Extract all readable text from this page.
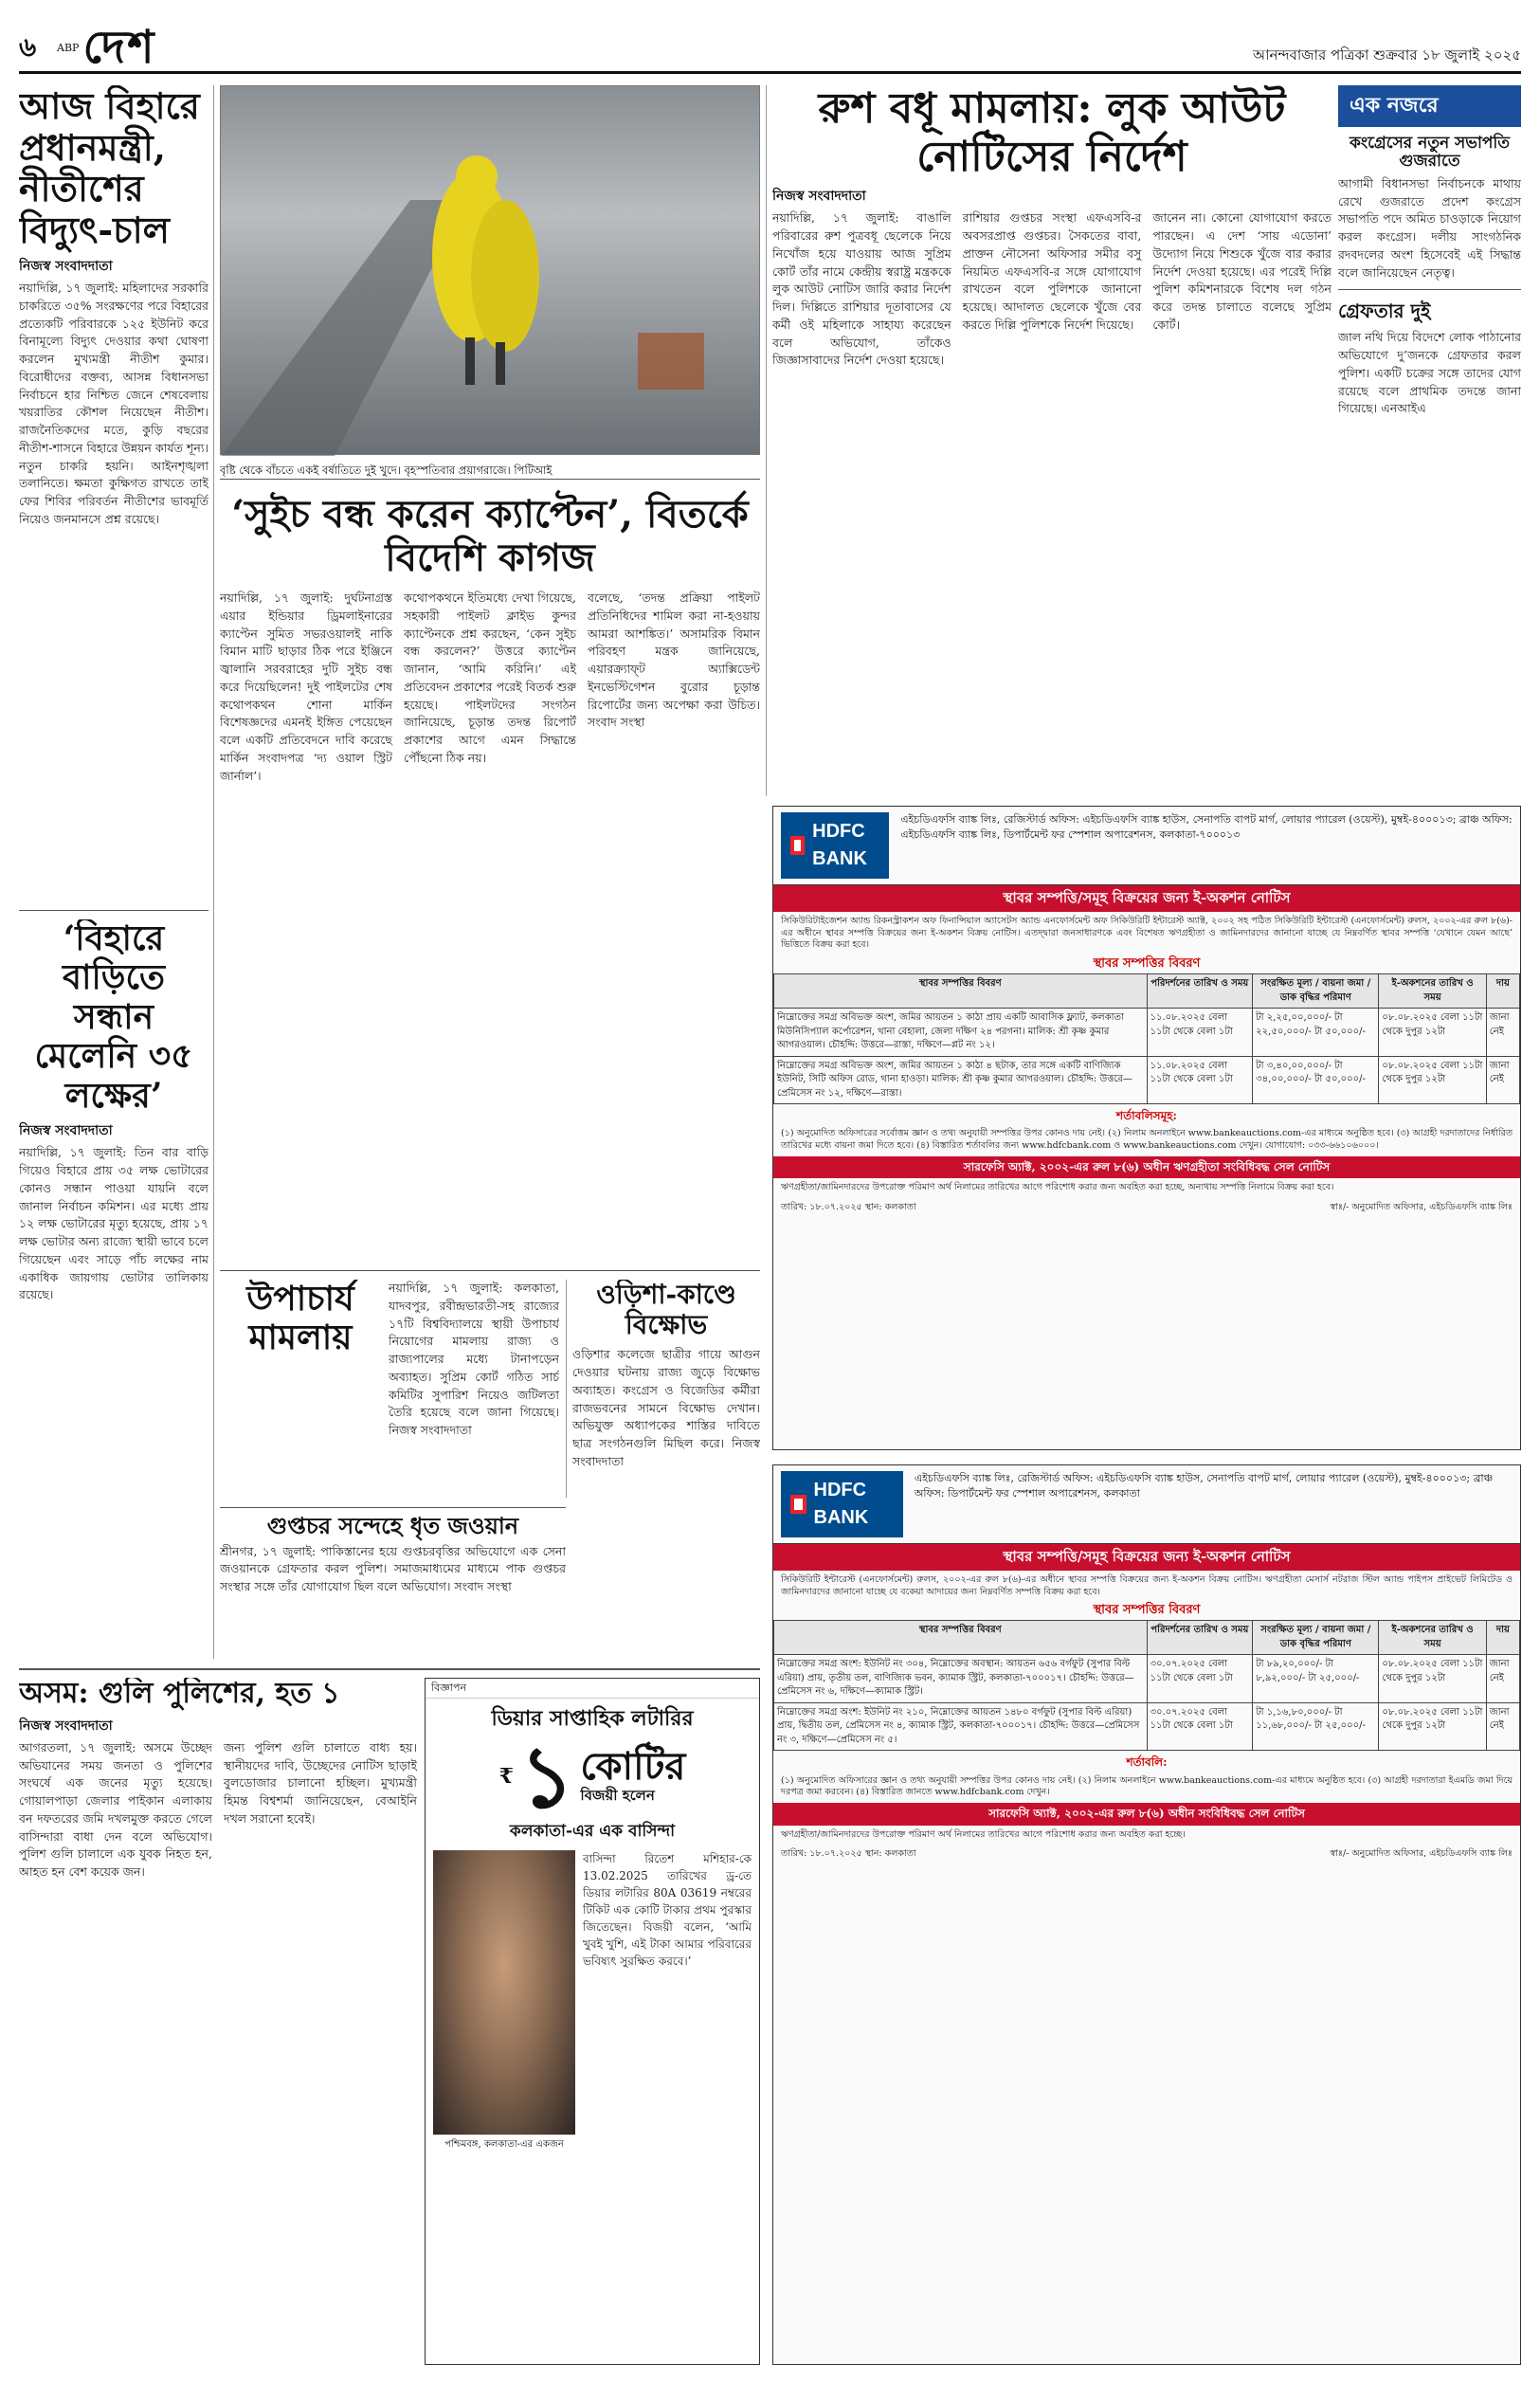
৬ ABP দেশ	আনন্দবাজার পত্রিকা শুক্রবার ১৮ জুলাই ২০২৫
আজ বিহারে প্রধানমন্ত্রী, নীতীশের বিদ্যুৎ-চাল
নিজস্ব সংবাদদাতা
নয়াদিল্লি, ১৭ জুলাই: মহিলাদের সরকারি চাকরিতে ৩৫% সংরক্ষণের পরে বিহারের প্রত্যেকটি পরিবারকে ১২৫ ইউনিট করে বিনামূল্যে বিদ্যুৎ দেওয়ার কথা ঘোষণা করলেন মুখ্যমন্ত্রী নীতীশ কুমার। বিরোধীদের বক্তব্য, আসন্ন বিধানসভা নির্বাচনে হার নিশ্চিত জেনে শেষবেলায় খয়রাতির কৌশল নিয়েছেন নীতীশ। রাজনৈতিকদের মতে, কুড়ি বছরের নীতীশ-শাসনে বিহারে উন্নয়ন কার্যত শূন্য। নতুন চাকরি হয়নি। আইনশৃঙ্খলা তলানিতে। ক্ষমতা কুক্ষিগত রাখতে তাই ফের শিবির পরিবর্তন নীতীশের ভাবমূর্তি নিয়েও জনমানসে প্রশ্ন রয়েছে।
‘বিহারে বাড়িতে সন্ধান মেলেনি ৩৫ লক্ষের’
নিজস্ব সংবাদদাতা
নয়াদিল্লি, ১৭ জুলাই: তিন বার বাড়ি গিয়েও বিহারে প্রায় ৩৫ লক্ষ ভোটারের কোনও সন্ধান পাওয়া যায়নি বলে জানাল নির্বাচন কমিশন। এর মধ্যে প্রায় ১২ লক্ষ ভোটারের মৃত্যু হয়েছে, প্রায় ১৭ লক্ষ ভোটার অন্য রাজ্যে স্থায়ী ভাবে চলে গিয়েছেন এবং সাড়ে পাঁচ লক্ষের নাম একাধিক জায়গায় ভোটার তালিকায় রয়েছে।
বৃষ্টি থেকে বাঁচতে একই বর্ষাতিতে দুই খুদে। বৃহস্পতিবার প্রয়াগরাজে। পিটিআই
‘সুইচ বন্ধ করেন ক্যাপ্টেন’, বিতর্কে বিদেশি কাগজ
নয়াদিল্লি, ১৭ জুলাই: দুর্ঘটনাগ্রস্ত এয়ার ইন্ডিয়ার ড্রিমলাইনারের ক্যাপ্টেন সুমিত সভরওয়ালই নাকি বিমান মাটি ছাড়ার ঠিক পরে ইঞ্জিনে জ্বালানি সরবরাহের দুটি সুইচ বন্ধ করে দিয়েছিলেন! দুই পাইলটের শেষ কথোপকথন শোনা মার্কিন বিশেষজ্ঞদের এমনই ইঙ্গিত পেয়েছেন বলে একটি প্রতিবেদনে দাবি করেছে মার্কিন সংবাদপত্র ‘দ্য ওয়াল স্ট্রিট জার্নাল’।
কথোপকথনে ইতিমধ্যে দেখা গিয়েছে, সহকারী পাইলট ক্লাইভ কুন্দর ক্যাপ্টেনকে প্রশ্ন করছেন, ‘কেন সুইচ বন্ধ করলেন?’ উত্তরে ক্যাপ্টেন জানান, ‘আমি করিনি।’ এই প্রতিবেদন প্রকাশের পরেই বিতর্ক শুরু হয়েছে। পাইলটদের সংগঠন জানিয়েছে, চূড়ান্ত তদন্ত রিপোর্ট প্রকাশের আগে এমন সিদ্ধান্তে পৌঁছনো ঠিক নয়।
বলেছে, ‘তদন্ত প্রক্রিয়া পাইলট প্রতিনিধিদের শামিল করা না-হওয়ায় আমরা আশঙ্কিত।’ অসামরিক বিমান পরিবহণ মন্ত্রক জানিয়েছে, এয়ারক্র্যাফ্‌ট অ্যাক্সিডেন্ট ইনভেস্টিগেশন বুরোর চূড়ান্ত রিপোর্টের জন্য অপেক্ষা করা উচিত। সংবাদ সংস্থা
উপাচার্য মামলায়
নয়াদিল্লি, ১৭ জুলাই: কলকাতা, যাদবপুর, রবীন্দ্রভারতী-সহ রাজ্যের ১৭টি বিশ্ববিদ্যালয়ে স্থায়ী উপাচার্য নিয়োগের মামলায় রাজ্য ও রাজ্যপালের মধ্যে টানাপড়েন অব্যাহত। সুপ্রিম কোর্ট গঠিত সার্চ কমিটির সুপারিশ নিয়েও জটিলতা তৈরি হয়েছে বলে জানা গিয়েছে। নিজস্ব সংবাদদাতা
ওড়িশা-কাণ্ডে বিক্ষোভ
ওড়িশার কলেজে ছাত্রীর গায়ে আগুন দেওয়ার ঘটনায় রাজ্য জুড়ে বিক্ষোভ অব্যাহত। কংগ্রেস ও বিজেডির কর্মীরা রাজভবনের সামনে বিক্ষোভ দেখান। অভিযুক্ত অধ্যাপকের শাস্তির দাবিতে ছাত্র সংগঠনগুলি মিছিল করে। নিজস্ব সংবাদদাতা
গুপ্তচর সন্দেহে ধৃত জওয়ান
শ্রীনগর, ১৭ জুলাই: পাকিস্তানের হয়ে গুপ্তচরবৃত্তির অভিযোগে এক সেনা জওয়ানকে গ্রেফতার করল পুলিশ। সমাজমাধ্যমের মাধ্যমে পাক গুপ্তচর সংস্থার সঙ্গে তাঁর যোগাযোগ ছিল বলে অভিযোগ। সংবাদ সংস্থা
রুশ বধূ মামলায়: লুক আউট নোটিসের নির্দেশ
নিজস্ব সংবাদদাতা
নয়াদিল্লি, ১৭ জুলাই: বাঙালি পরিবারের রুশ পুত্রবধূ ছেলেকে নিয়ে নিখোঁজ হয়ে যাওয়ায় আজ সুপ্রিম কোর্ট তাঁর নামে কেন্দ্রীয় স্বরাষ্ট্র মন্ত্রককে লুক আউট নোটিস জারি করার নির্দেশ দিল। দিল্লিতে রাশিয়ার দূতাবাসের যে কর্মী ওই মহিলাকে সাহায্য করেছেন বলে অভিযোগ, তাঁকেও জিজ্ঞাসাবাদের নির্দেশ দেওয়া হয়েছে।
রাশিয়ার গুপ্তচর সংস্থা এফএসবি-র অবসরপ্রাপ্ত গুপ্তচর। সৈকতের বাবা, প্রাক্তন নৌসেনা অফিসার সমীর বসু নিয়মিত এফএসবি-র সঙ্গে যোগাযোগ রাখতেন বলে পুলিশকে জানানো হয়েছে। আদালত ছেলেকে খুঁজে বের করতে দিল্লি পুলিশকে নির্দেশ দিয়েছে।
জানেন না। কোনো যোগাযোগ করতে পারছেন। এ দেশ ‘সায় এডোনা’ উদ্যোগ নিয়ে শিশুকে খুঁজে বার করার নির্দেশ দেওয়া হয়েছে। এর পরেই দিল্লি পুলিশ কমিশনারকে বিশেষ দল গঠন করে তদন্ত চালাতে বলেছে সুপ্রিম কোর্ট।
এক নজরে
কংগ্রেসের নতুন সভাপতি গুজরাতে
আগামী বিধানসভা নির্বাচনকে মাথায় রেখে গুজরাতে প্রদেশ কংগ্রেস সভাপতি পদে অমিত চাওড়াকে নিয়োগ করল কংগ্রেস। দলীয় সাংগঠনিক রদবদলের অংশ হিসেবেই এই সিদ্ধান্ত বলে জানিয়েছেন নেতৃত্ব।
গ্রেফতার দুই
জাল নথি দিয়ে বিদেশে লোক পাঠানোর অভিযোগে দু’জনকে গ্রেফতার করল পুলিশ। একটি চক্রের সঙ্গে তাদের যোগ রয়েছে বলে প্রাথমিক তদন্তে জানা গিয়েছে। এনআইএ
HDFC BANK
এইচডিএফসি ব্যাঙ্ক লিঃ, রেজিস্টার্ড অফিস: এইচডিএফসি ব্যাঙ্ক হাউস, সেনাপতি বাপট মার্গ, লোয়ার প্যারেল (ওয়েস্ট), মুম্বই-৪০০০১৩; ব্রাঞ্চ অফিস: এইচডিএফসি ব্যাঙ্ক লিঃ, ডিপার্টমেন্ট ফর স্পেশাল অপারেশনস, কলকাতা-৭০০০১৩
স্থাবর সম্পত্তি/সমূহ বিক্রয়ের জন্য ই-অকশন নোটিস
সিকিউরিটাইজেশন অ্যান্ড রিকনস্ট্রাকশন অফ ফিনান্সিয়াল অ্যাসেটস অ্যান্ড এনফোর্সমেন্ট অফ সিকিউরিটি ইন্টারেস্ট অ্যাক্ট, ২০০২ সহ পঠিত সিকিউরিটি ইন্টারেস্ট (এনফোর্সমেন্ট) রুলস, ২০০২-এর রুল ৮(৬)-এর অধীনে স্থাবর সম্পত্তি বিক্রয়ের জন্য ই-অকশন বিক্রয় নোটিস। এতদ্দ্বারা জনসাধারণকে এবং বিশেষত ঋণগ্রহীতা ও জামিনদারদের জানানো যাচ্ছে যে নিম্নবর্ণিত স্থাবর সম্পত্তি ‘যেখানে যেমন আছে’ ভিত্তিতে বিক্রয় করা হবে।
স্থাবর সম্পত্তির বিবরণ
স্থাবর সম্পত্তির বিবরণ	পরিদর্শনের তারিখ ও সময়	সংরক্ষিত মূল্য / বায়না জমা / ডাক বৃদ্ধির পরিমাণ	ই-অকশনের তারিখ ও সময়	দায়
নিম্নোক্তের সমগ্র অবিভক্ত অংশ, জমির আয়তন ১ কাঠা প্রায় একটি আবাসিক ফ্ল্যাট, কলকাতা মিউনিসিপ্যাল কর্পোরেশন, থানা বেহালা, জেলা দক্ষিণ ২৪ পরগনা। মালিক: শ্রী কৃষ্ণ কুমার আগরওয়াল। চৌহদ্দি: উত্তরে—রাস্তা, দক্ষিণে—প্লট নং ১২।	১১.০৮.২০২৫ বেলা ১১টা থেকে বেলা ১টা	টা ২,২৫,০০,০০০/- টা ২২,৫০,০০০/- টা ৫০,০০০/-	০৮.০৮.২০২৫ বেলা ১১টা থেকে দুপুর ১২টা	জানা নেই
নিম্নোক্তের সমগ্র অবিভক্ত অংশ, জমির আয়তন ১ কাঠা ৪ ছটাক, তার সঙ্গে একটি বাণিজ্যিক ইউনিট, সিটি অফিস রোড, থানা হাওড়া। মালিক: শ্রী কৃষ্ণ কুমার আগরওয়াল। চৌহদ্দি: উত্তরে—প্রেমিসেস নং ১২, দক্ষিণে—রাস্তা।	১১.০৮.২০২৫ বেলা ১১টা থেকে বেলা ১টা	টা ৩,৪০,০০,০০০/- টা ৩৪,০০,০০০/- টা ৫০,০০০/-	০৮.০৮.২০২৫ বেলা ১১টা থেকে দুপুর ১২টা	জানা নেই
শর্তাবলিসমূহ:
(১) অনুমোদিত অফিসারের সর্বোত্তম জ্ঞান ও তথ্য অনুযায়ী সম্পত্তির উপর কোনও দায় নেই। (২) নিলাম অনলাইনে www.bankeauctions.com-এর মাধ্যমে অনুষ্ঠিত হবে। (৩) আগ্রহী দরদাতাদের নির্ধারিত তারিখের মধ্যে বায়না জমা দিতে হবে। (৪) বিস্তারিত শর্তাবলির জন্য www.hdfcbank.com ও www.bankeauctions.com দেখুন। যোগাযোগ: ০৩৩-৬৬১০৬০০০।
সারফেসি অ্যাক্ট, ২০০২-এর রুল ৮(৬) অধীন ঋণগ্রহীতা সংবিধিবদ্ধ সেল নোটিস
ঋণগ্রহীতা/জামিনদারদের উপরোক্ত পরিমাণ অর্থ নিলামের তারিখের আগে পরিশোধ করার জন্য অবহিত করা হচ্ছে, অন্যথায় সম্পত্তি নিলামে বিক্রয় করা হবে।
তারিখ: ১৮.০৭.২০২৫ স্থান: কলকাতা	স্বাঃ/- অনুমোদিত অফিসার, এইচডিএফসি ব্যাঙ্ক লিঃ
HDFC BANK
এইচডিএফসি ব্যাঙ্ক লিঃ, রেজিস্টার্ড অফিস: এইচডিএফসি ব্যাঙ্ক হাউস, সেনাপতি বাপট মার্গ, লোয়ার প্যারেল (ওয়েস্ট), মুম্বই-৪০০০১৩; ব্রাঞ্চ অফিস: ডিপার্টমেন্ট ফর স্পেশাল অপারেশনস, কলকাতা
স্থাবর সম্পত্তি/সমূহ বিক্রয়ের জন্য ই-অকশন নোটিস
সিকিউরিটি ইন্টারেস্ট (এনফোর্সমেন্ট) রুলস, ২০০২-এর রুল ৮(৬)-এর অধীনে স্থাবর সম্পত্তি বিক্রয়ের জন্য ই-অকশন বিক্রয় নোটিস। ঋণগ্রহীতা মেসার্স নটরাজ স্টিল অ্যান্ড পাইপস প্রাইভেট লিমিটেড ও জামিনদারদের জানানো যাচ্ছে যে বকেয়া আদায়ের জন্য নিম্নবর্ণিত সম্পত্তি বিক্রয় করা হবে।
স্থাবর সম্পত্তির বিবরণ
স্থাবর সম্পত্তির বিবরণ	পরিদর্শনের তারিখ ও সময়	সংরক্ষিত মূল্য / বায়না জমা / ডাক বৃদ্ধির পরিমাণ	ই-অকশনের তারিখ ও সময়	দায়
নিম্নোক্তের সমগ্র অংশ: ইউনিট নং ৩০৪, নিম্নোক্তের অবস্থান: আয়তন ৬৫৬ বর্গফুট (সুপার বিল্ট এরিয়া) প্রায়, তৃতীয় তল, বাণিজ্যিক ভবন, ক্যামাক স্ট্রিট, কলকাতা-৭০০০১৭। চৌহদ্দি: উত্তরে—প্রেমিসেস নং ৬, দক্ষিণে—ক্যামাক স্ট্রিট।	৩০.০৭.২০২৫ বেলা ১১টা থেকে বেলা ১টা	টা ৮৯,২০,০০০/- টা ৮,৯২,০০০/- টা ২৫,০০০/-	০৮.০৮.২০২৫ বেলা ১১টা থেকে দুপুর ১২টা	জানা নেই
নিম্নোক্তের সমগ্র অংশ: ইউনিট নং ২১০, নিম্নোক্তের আয়তন ১৪৮০ বর্গফুট (সুপার বিল্ট এরিয়া) প্রায়, দ্বিতীয় তল, প্রেমিসেস নং ৪, ক্যামাক স্ট্রিট, কলকাতা-৭০০০১৭। চৌহদ্দি: উত্তরে—প্রেমিসেস নং ৩, দক্ষিণে—প্রেমিসেস নং ৫।	৩০.০৭.২০২৫ বেলা ১১টা থেকে বেলা ১টা	টা ১,১৬,৮০,০০০/- টা ১১,৬৮,০০০/- টা ২৫,০০০/-	০৮.০৮.২০২৫ বেলা ১১টা থেকে দুপুর ১২টা	জানা নেই
শর্তাবলি:
(১) অনুমোদিত অফিসারের জ্ঞান ও তথ্য অনুযায়ী সম্পত্তির উপর কোনও দায় নেই। (২) নিলাম অনলাইনে www.bankeauctions.com-এর মাধ্যমে অনুষ্ঠিত হবে। (৩) আগ্রহী দরদাতারা ইএমডি জমা দিয়ে দরপত্র জমা করবেন। (৪) বিস্তারিত জানতে www.hdfcbank.com দেখুন।
সারফেসি অ্যাক্ট, ২০০২-এর রুল ৮(৬) অধীন সংবিধিবদ্ধ সেল নোটিস
ঋণগ্রহীতা/জামিনদারদের উপরোক্ত পরিমাণ অর্থ নিলামের তারিখের আগে পরিশোধ করার জন্য অবহিত করা হচ্ছে।
তারিখ: ১৮.০৭.২০২৫ স্থান: কলকাতা	স্বাঃ/- অনুমোদিত অফিসার, এইচডিএফসি ব্যাঙ্ক লিঃ
অসম: গুলি পুলিশের, হত ১
নিজস্ব সংবাদদাতা
আগরতলা, ১৭ জুলাই: অসমে উচ্ছেদ অভিযানের সময় জনতা ও পুলিশের সংঘর্ষে এক জনের মৃত্যু হয়েছে। গোয়ালপাড়া জেলার পাইকান এলাকায় বন দফতরের জমি দখলমুক্ত করতে গেলে বাসিন্দারা বাধা দেন বলে অভিযোগ। পুলিশ গুলি চালালে এক যুবক নিহত হন, আহত হন বেশ কয়েক জন।
জন্য পুলিশ গুলি চালাতে বাধ্য হয়। স্থানীয়দের দাবি, উচ্ছেদের নোটিস ছাড়াই বুলডোজার চালানো হচ্ছিল। মুখ্যমন্ত্রী হিমন্ত বিশ্বশর্মা জানিয়েছেন, বেআইনি দখল সরানো হবেই।
বিজ্ঞাপন
ডিয়ার সাপ্তাহিক লটারির
₹ ১ কোটির
বিজয়ী হলেন
কলকাতা-এর এক বাসিন্দা
পশ্চিমবঙ্গ, কলকাতা-এর একজন
বাসিন্দা রিতেশ মশিহার-কে 13.02.2025 তারিখের ড্র-তে ডিয়ার লটারির 80A 03619 নম্বরের টিকিট এক কোটি টাকার প্রথম পুরস্কার জিতেছেন। বিজয়ী বলেন, ‘আমি খুবই খুশি, এই টাকা আমার পরিবারের ভবিষ্যৎ সুরক্ষিত করবে।’
